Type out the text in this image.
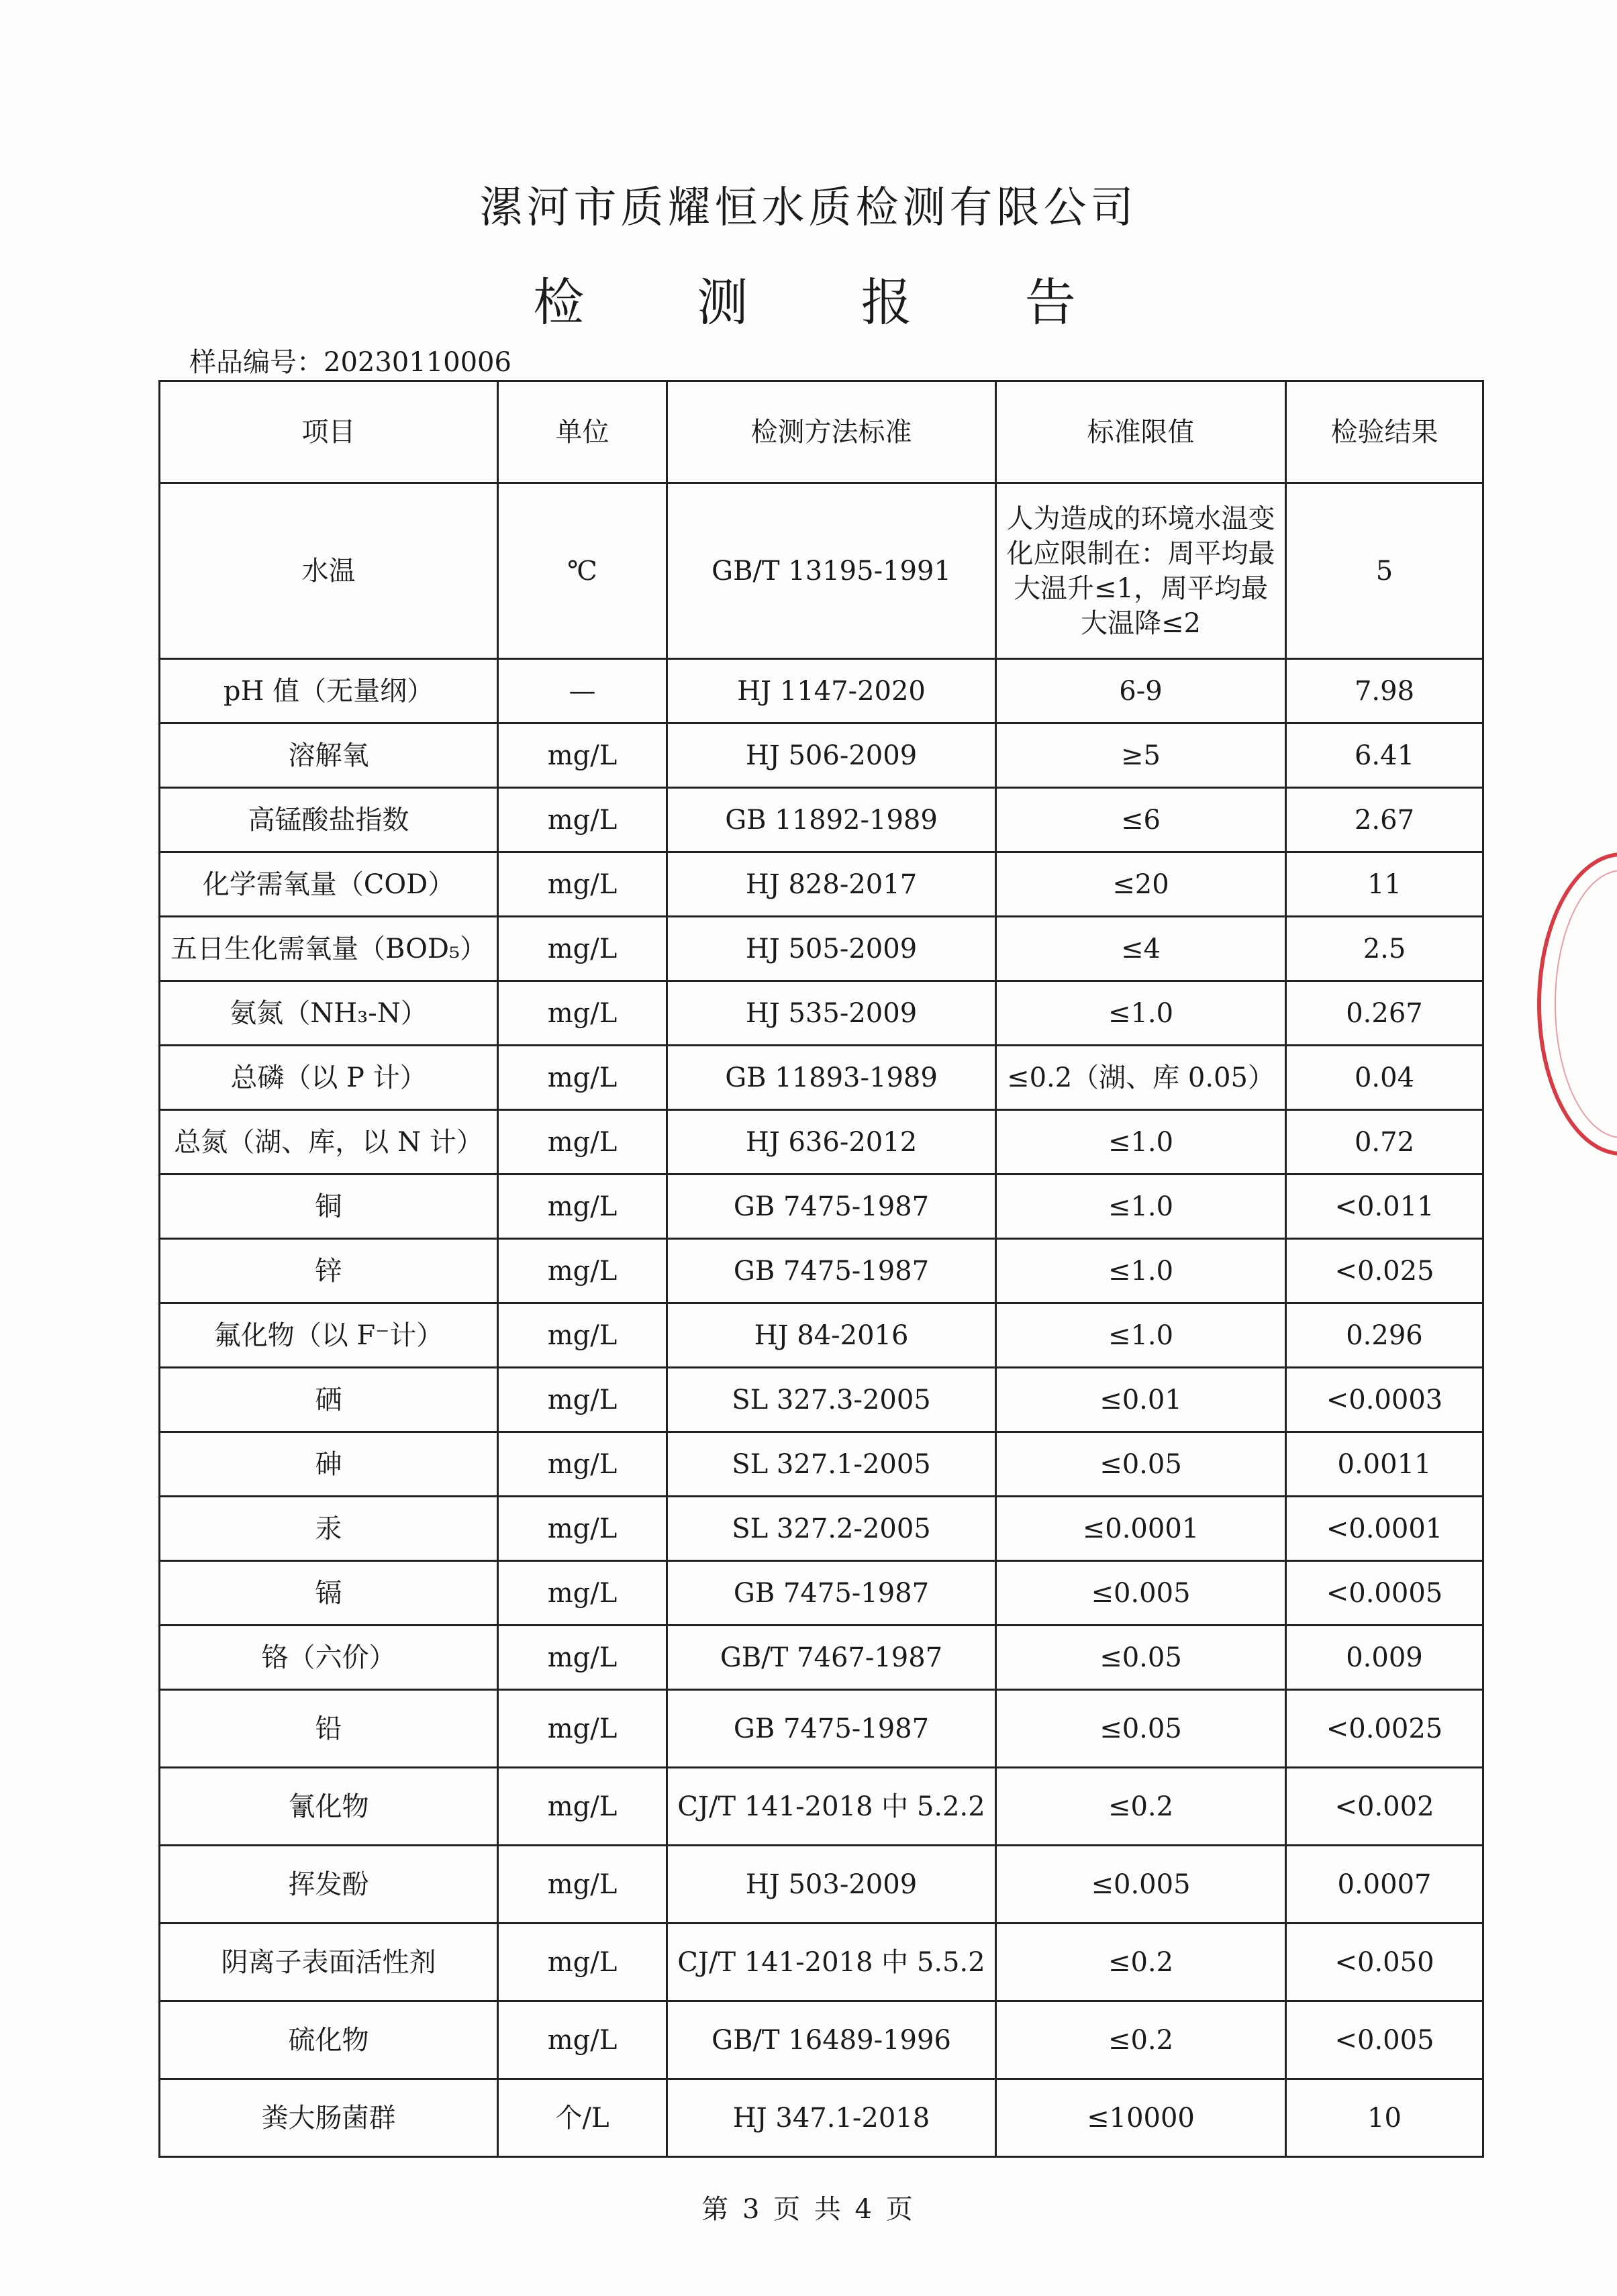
漯河市质耀恒水质检测有限公司
检 测 报 告
样品编号：20230110006
项目	单位	检测方法标准	标准限值	检验结果
水温	℃	GB/T 13195-1991	人为造成的环境水温变化应限制在：周平均最大温升≤1，周平均最大温降≤2	5
pH 值（无量纲）	—	HJ 1147-2020	6-9	7.98
溶解氧	mg/L	HJ 506-2009	≥5	6.41
高锰酸盐指数	mg/L	GB 11892-1989	≤6	2.67
化学需氧量（COD）	mg/L	HJ 828-2017	≤20	11
五日生化需氧量（BOD₅）	mg/L	HJ 505-2009	≤4	2.5
氨氮（NH₃-N）	mg/L	HJ 535-2009	≤1.0	0.267
总磷（以 P 计）	mg/L	GB 11893-1989	≤0.2（湖、库 0.05）	0.04
总氮（湖、库，以 N 计）	mg/L	HJ 636-2012	≤1.0	0.72
铜	mg/L	GB 7475-1987	≤1.0	<0.011
锌	mg/L	GB 7475-1987	≤1.0	<0.025
氟化物（以 F⁻计）	mg/L	HJ 84-2016	≤1.0	0.296
硒	mg/L	SL 327.3-2005	≤0.01	<0.0003
砷	mg/L	SL 327.1-2005	≤0.05	0.0011
汞	mg/L	SL 327.2-2005	≤0.0001	<0.0001
镉	mg/L	GB 7475-1987	≤0.005	<0.0005
铬（六价）	mg/L	GB/T 7467-1987	≤0.05	0.009
铅	mg/L	GB 7475-1987	≤0.05	<0.0025
氰化物	mg/L	CJ/T 141-2018 中 5.2.2	≤0.2	<0.002
挥发酚	mg/L	HJ 503-2009	≤0.005	0.0007
阴离子表面活性剂	mg/L	CJ/T 141-2018 中 5.5.2	≤0.2	<0.050
硫化物	mg/L	GB/T 16489-1996	≤0.2	<0.005
粪大肠菌群	个/L	HJ 347.1-2018	≤10000	10
第 3 页 共 4 页
